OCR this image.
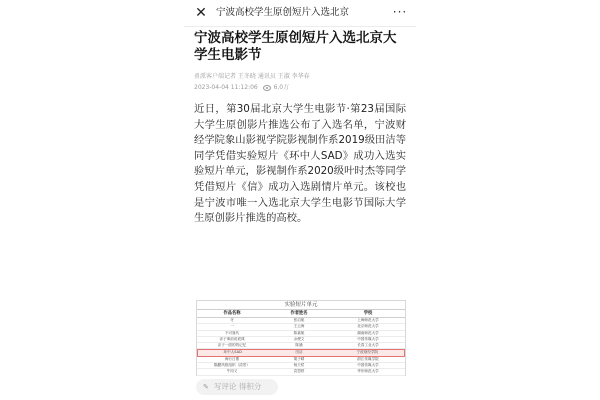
✕ 宁波高校学生原创短片入选北京	···
宁波高校学生原创短片入选北京大学生电影节
甬派客户端记者 王冬晓 通讯员 王淑 李华春
2023-04-04 11:12:06	6.0万
近日，第30届北京大学生电影节·第23届国际大学生原创影片推选公布了入选名单，宁波财经学院象山影视学院影视制作系2019级田洁等同学凭借实验短片《环中人SAD》成功入选实验短片单元，影视制作系2020级叶时杰等同学凭借短片《信》成功入选剧情片单元。该校也是宁波市唯一入选北京大学生电影节国际大学生原创影片推选的高校。
实验短片单元
作品名称	作者姓名	学校
牙	张启航	上海师范大学
一	王云海	北京师范大学
不可靠代	陈嘉航	湖南师范大学
亲子事前说谎课	余俊文	中国传媒大学
亲子一面的的记忆	陈涵	长春工业大学
环中人SAD	田洁	宁波财经学院
海行日寨	胡子晴	浙江传媒学院
隔膜风格组织（清景）	杨天骄	中国传媒大学
牛同义	袁思婷	华东师范大学
✎ 写评论 得积分
